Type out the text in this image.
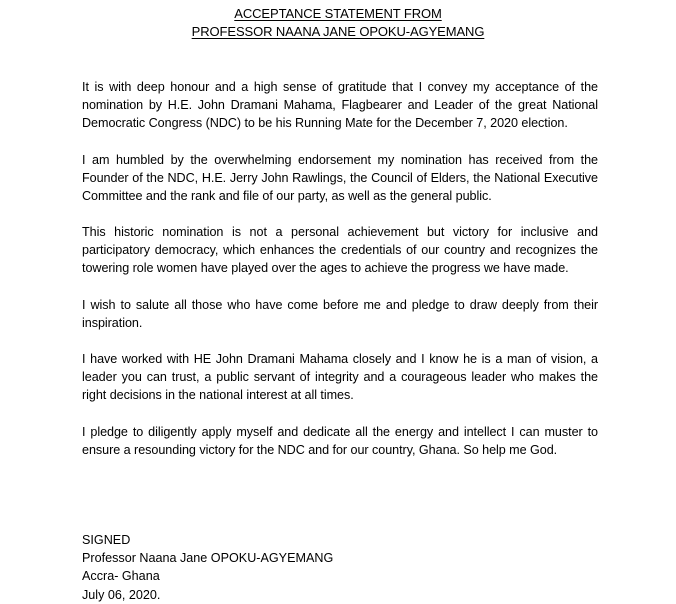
ACCEPTANCE STATEMENT FROM
PROFESSOR NAANA JANE OPOKU-AGYEMANG

It is with deep honour and a high sense of gratitude that I convey my acceptance of the nomination by H.E. John Dramani Mahama, Flagbearer and Leader of the great National Democratic Congress (NDC) to be his Running Mate for the December 7, 2020 election.

I am humbled by the overwhelming endorsement my nomination has received from the Founder of the NDC, H.E. Jerry John Rawlings, the Council of Elders, the National Executive Committee and the rank and file of our party, as well as the general public.

This historic nomination is not a personal achievement but victory for inclusive and participatory democracy, which enhances the credentials of our country and recognizes the towering role women have played over the ages to achieve the progress we have made.

I wish to salute all those who have come before me and pledge to draw deeply from their inspiration.

I have worked with HE John Dramani Mahama closely and I know he is a man of vision, a leader you can trust, a public servant of integrity and a courageous leader who makes the right decisions in the national interest at all times.

I pledge to diligently apply myself and dedicate all the energy and intellect I can muster to ensure a resounding victory for the NDC and for our country, Ghana. So help me God.

SIGNED
Professor Naana Jane OPOKU-AGYEMANG
Accra- Ghana
July 06, 2020.
